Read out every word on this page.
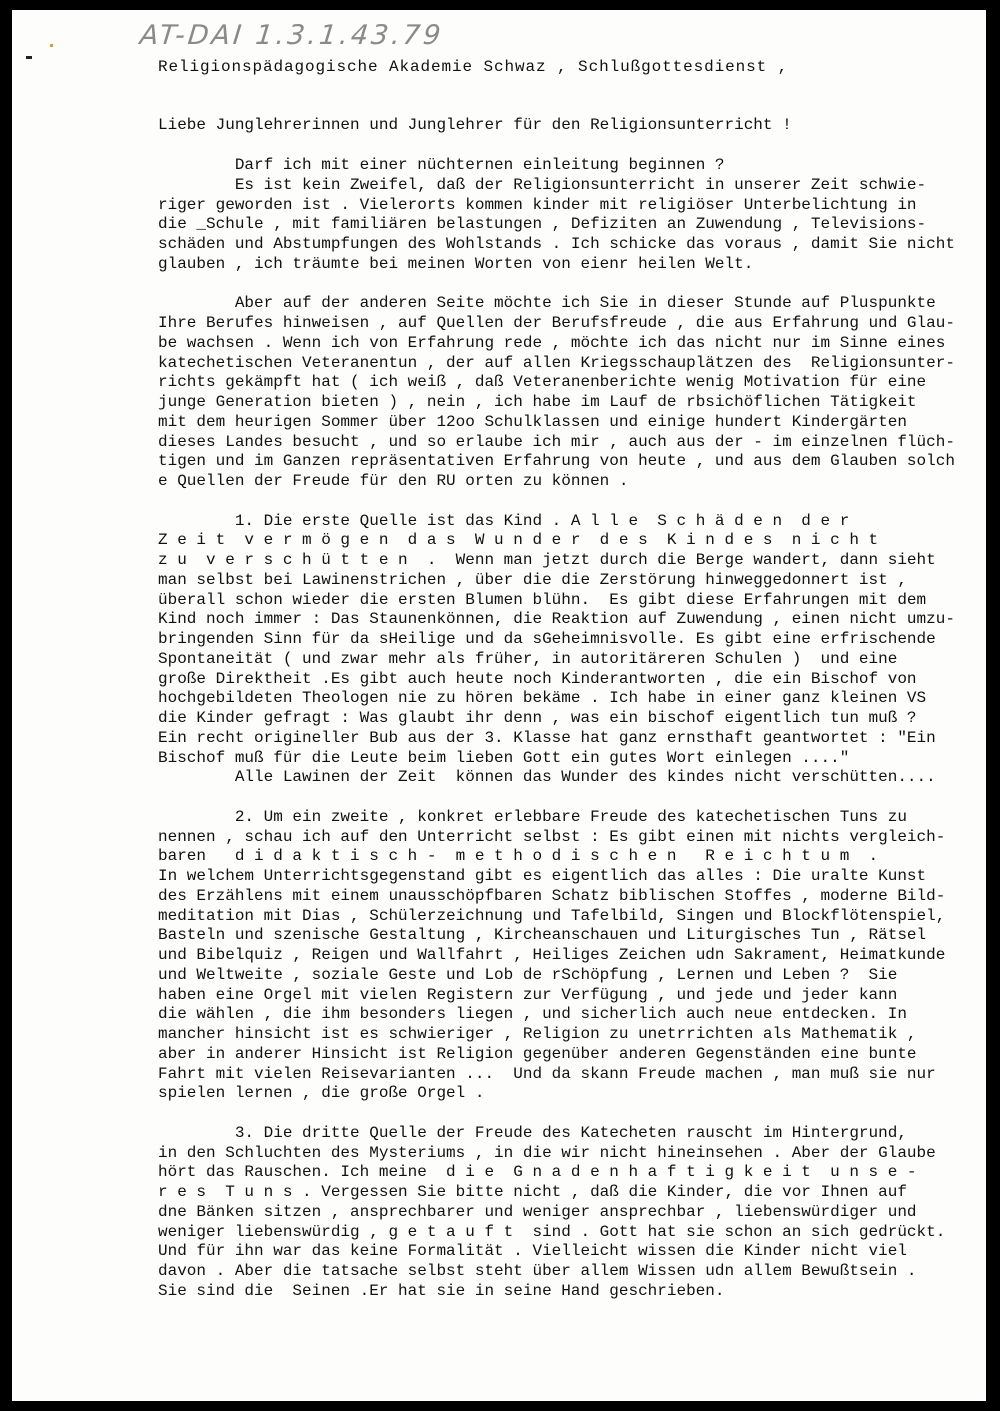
AT-DAI 1.3.1.43.79

Religionspädagogische Akademie Schwaz , Schlußgottesdienst ,

Liebe Junglehrerinnen und Junglehrer für den Religionsunterricht !

Darf ich mit einer nüchternen einleitung beginnen ?

Es ist kein Zweifel, daß der Religionsunterricht in unserer Zeit schwie-

riger geworden ist . Vielerorts kommen kinder mit religiöser Unterbelichtung in

die _Schule , mit familiären belastungen , Defiziten an Zuwendung , Televisions-

schäden und Abstumpfungen des Wohlstands . Ich schicke das voraus , damit Sie nicht

glauben , ich träumte bei meinen Worten von eienr heilen Welt.

Aber auf der anderen Seite möchte ich Sie in dieser Stunde auf Pluspunkte

Ihre Berufes hinweisen , auf Quellen der Berufsfreude , die aus Erfahrung und Glau-

be wachsen . Wenn ich von Erfahrung rede , möchte ich das nicht nur im Sinne eines

katechetischen Veteranentun , der auf allen Kriegsschauplätzen des  Religionsunter-

richts gekämpft hat ( ich weiß , daß Veteranenberichte wenig Motivation für eine

junge Generation bieten ) , nein , ich habe im Lauf de rbsichöflichen Tätigkeit

mit dem heurigen Sommer über 12oo Schulklassen und einige hundert Kindergärten

dieses Landes besucht , und so erlaube ich mir , auch aus der - im einzelnen flüch-

tigen und im Ganzen repräsentativen Erfahrung von heute , und aus dem Glauben solch

e Quellen der Freude für den RU orten zu können .

1. Die erste Quelle ist das Kind . A l l e  S c h ä d e n  d e r

Z e i t  v e r m ö g e n  d a s  W u n d e r  d e s  K i n d e s  n i c h t

z u  v e r s c h ü t t e n  .  Wenn man jetzt durch die Berge wandert, dann sieht

man selbst bei Lawinenstrichen , über die die Zerstörung hinweggedonnert ist ,

überall schon wieder die ersten Blumen blühn.  Es gibt diese Erfahrungen mit dem

Kind noch immer : Das Staunenkönnen, die Reaktion auf Zuwendung , einen nicht umzu-

bringenden Sinn für da sHeilige und da sGeheimnisvolle. Es gibt eine erfrischende

Spontaneität ( und zwar mehr als früher, in autoritäreren Schulen )  und eine

große Direktheit .Es gibt auch heute noch Kinderantworten , die ein Bischof von

hochgebildeten Theologen nie zu hören bekäme . Ich habe in einer ganz kleinen VS

die Kinder gefragt : Was glaubt ihr denn , was ein bischof eigentlich tun muß ?

Ein recht origineller Bub aus der 3. Klasse hat ganz ernsthaft geantwortet : "Ein

Bischof muß für die Leute beim lieben Gott ein gutes Wort einlegen ...."

Alle Lawinen der Zeit  können das Wunder des kindes nicht verschütten....

2. Um ein zweite , konkret erlebbare Freude des katechetischen Tuns zu

nennen , schau ich auf den Unterricht selbst : Es gibt einen mit nichts vergleich-

baren   d i d a k t i s c h -  m e t h o d i s c h e n   R e i c h t u m  .

In welchem Unterrichtsgegenstand gibt es eigentlich das alles : Die uralte Kunst

des Erzählens mit einem unausschöpfbaren Schatz biblischen Stoffes , moderne Bild-

meditation mit Dias , Schülerzeichnung und Tafelbild, Singen und Blockflötenspiel,

Basteln und szenische Gestaltung , Kircheanschauen und Liturgisches Tun , Rätsel

und Bibelquiz , Reigen und Wallfahrt , Heiliges Zeichen udn Sakrament, Heimatkunde

und Weltweite , soziale Geste und Lob de rSchöpfung , Lernen und Leben ?  Sie

haben eine Orgel mit vielen Registern zur Verfügung , und jede und jeder kann

die wählen , die ihm besonders liegen , und sicherlich auch neue entdecken. In

mancher hinsicht ist es schwieriger , Religion zu unetrrichten als Mathematik ,

aber in anderer Hinsicht ist Religion gegenüber anderen Gegenständen eine bunte

Fahrt mit vielen Reisevarianten ...  Und da skann Freude machen , man muß sie nur

spielen lernen , die große Orgel .

3. Die dritte Quelle der Freude des Katecheten rauscht im Hintergrund,

in den Schluchten des Mysteriums , in die wir nicht hineinsehen . Aber der Glaube

hört das Rauschen. Ich meine  d i e  G n a d e n h a f t i g k e i t  u n s e -

r e s  T u n s . Vergessen Sie bitte nicht , daß die Kinder, die vor Ihnen auf

dne Bänken sitzen , ansprechbarer und weniger ansprechbar , liebenswürdiger und

weniger liebenswürdig , g e t a u f t  sind . Gott hat sie schon an sich gedrückt.

Und für ihn war das keine Formalität . Vielleicht wissen die Kinder nicht viel

davon . Aber die tatsache selbst steht über allem Wissen udn allem Bewußtsein .

Sie sind die  Seinen .Er hat sie in seine Hand geschrieben.
